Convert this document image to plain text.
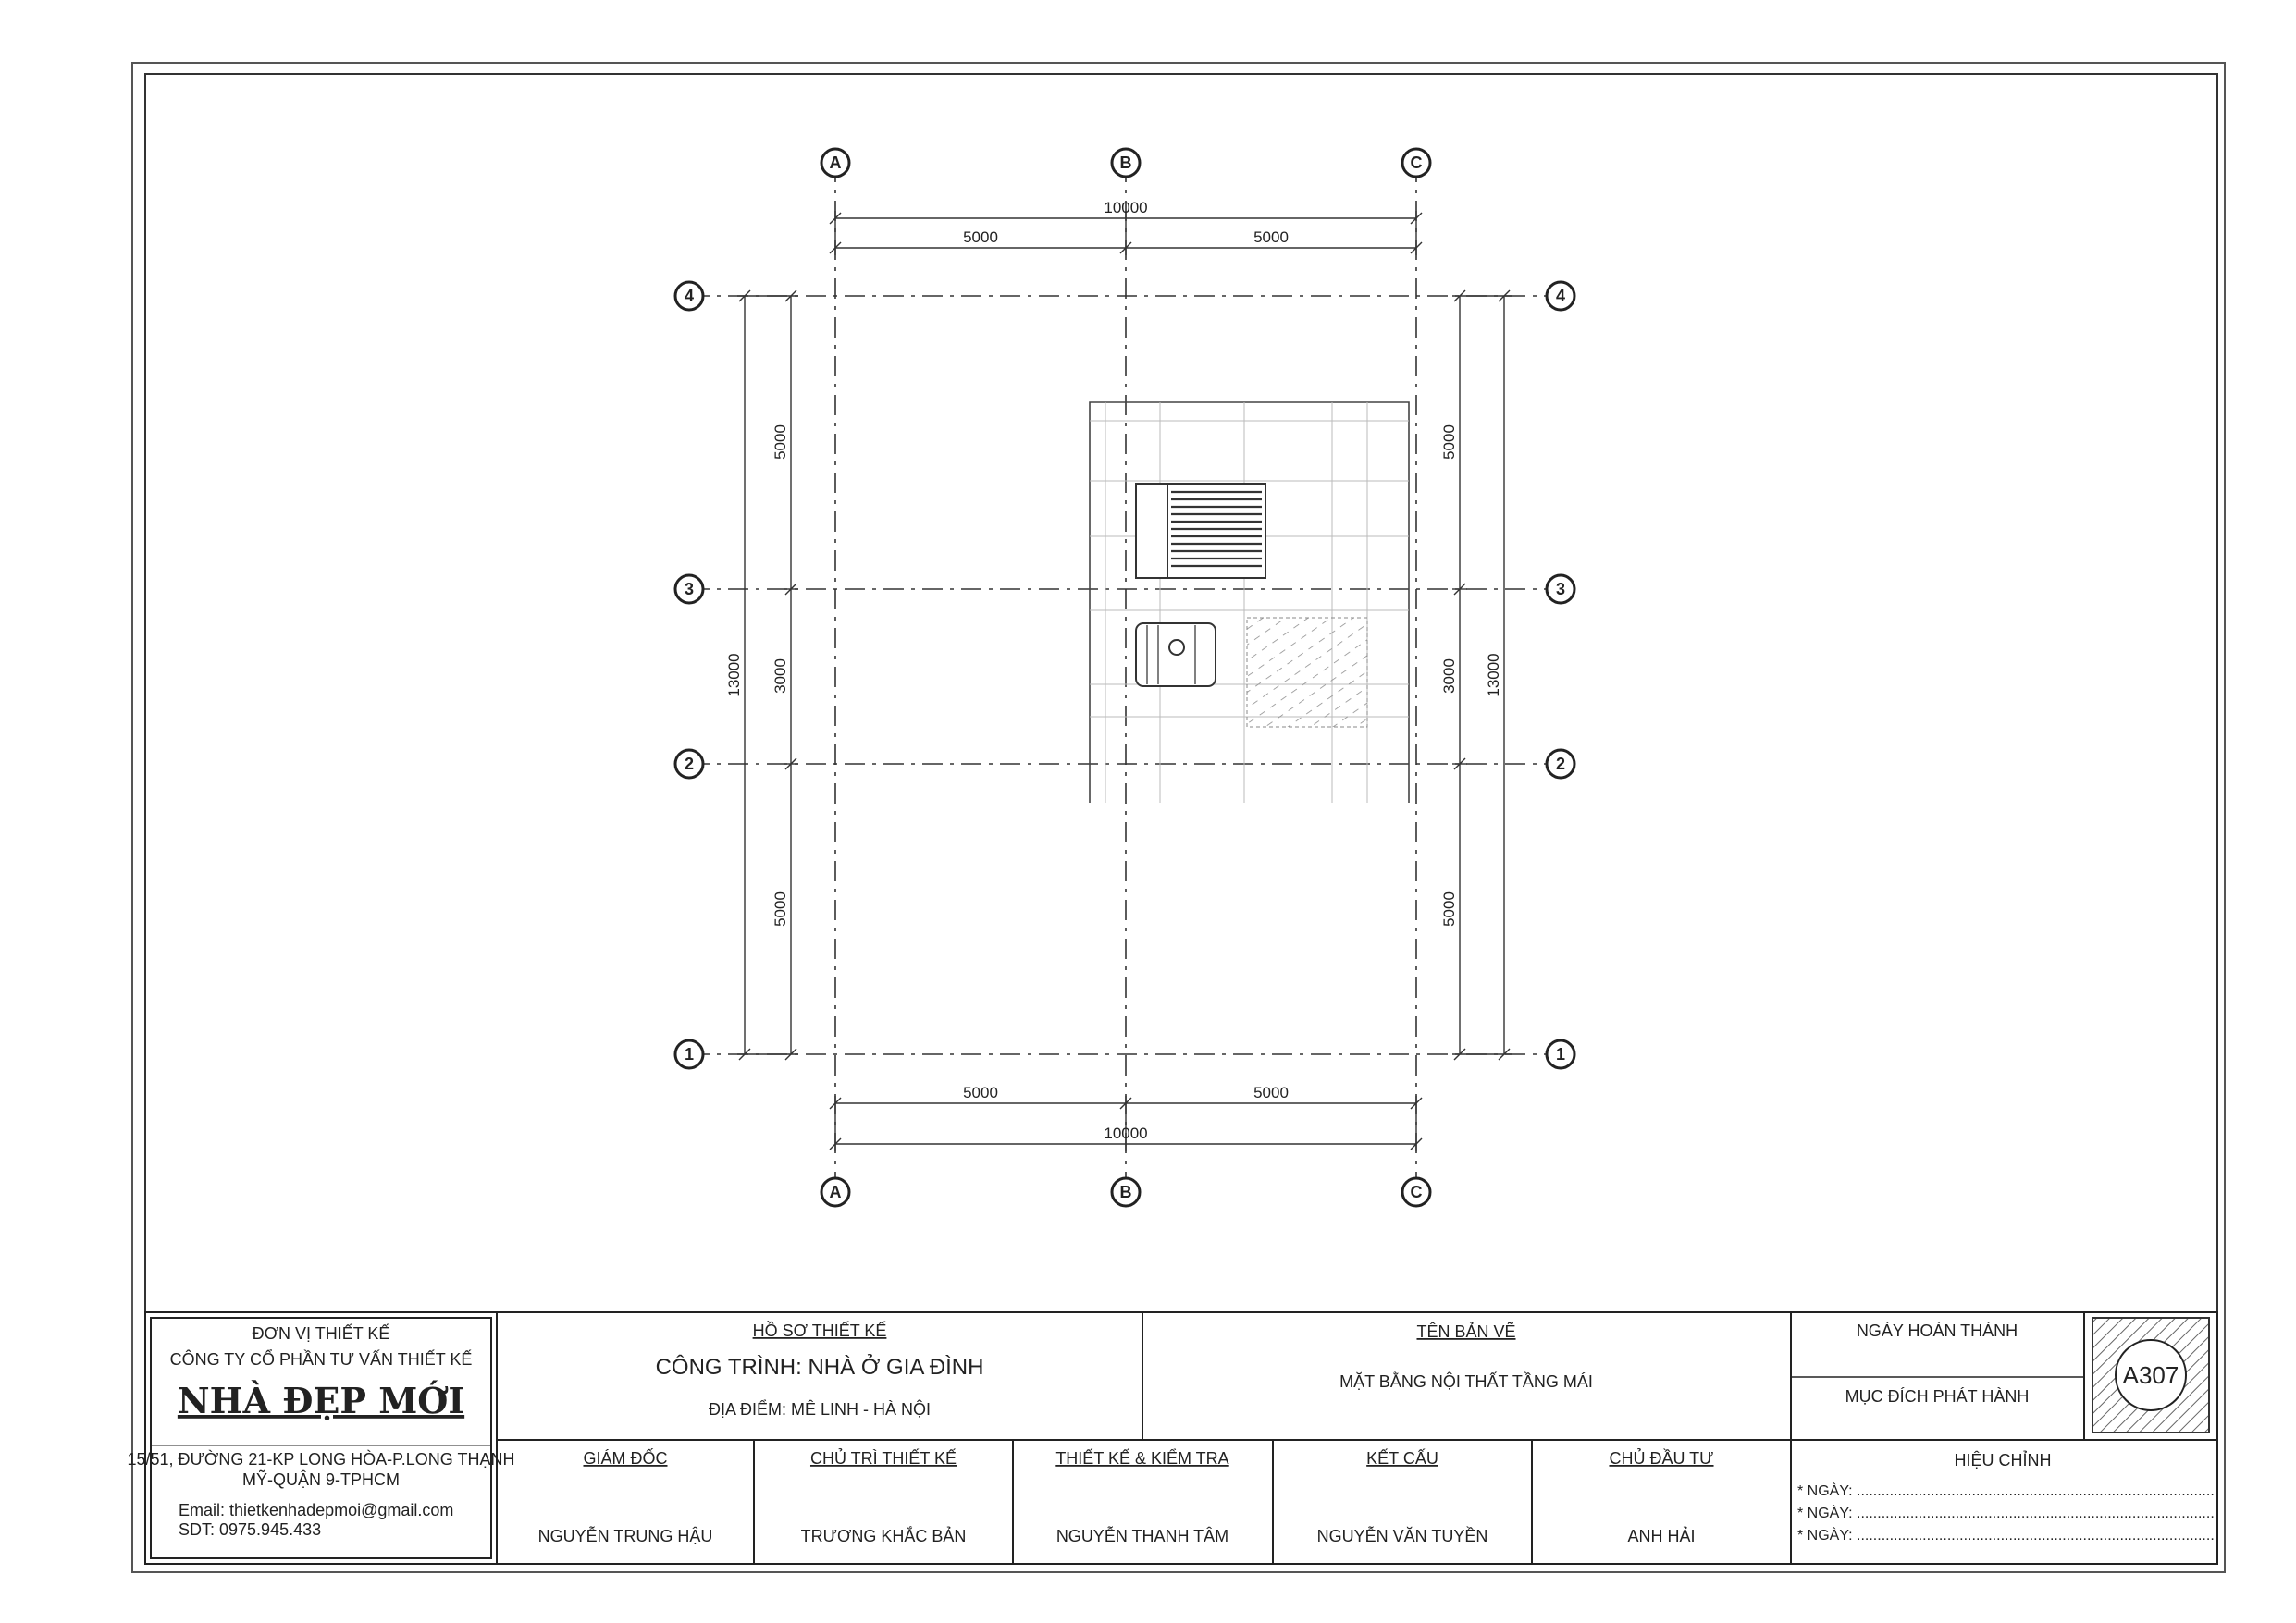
10000
5000	5000
5000	5000
10000
13000
5000
3000
5000
5000
3000
5000
13000
A	B	C
A	B	C
4
3
2
1
4
3
2
1
A307
ĐƠN VỊ THIẾT KẾ
CÔNG TY CỔ PHẦN TƯ VẤN THIẾT KẾ
NHÀ ĐẸP MỚI
15/51, ĐƯỜNG 21-KP LONG HÒA-P.LONG THẠNH
MỸ-QUẬN 9-TPHCM
Email: thietkenhadepmoi@gmail.com
SDT: 0975.945.433
HỒ SƠ THIẾT KẾ
CÔNG TRÌNH: NHÀ Ở GIA ĐÌNH
ĐỊA ĐIỂM: MÊ LINH - HÀ NỘI
TÊN BẢN VẼ
MẶT BẰNG NỘI THẤT TẦNG MÁI
NGÀY HOÀN THÀNH
MỤC ĐÍCH PHÁT HÀNH
HIỆU CHỈNH
* NGÀY: .......................................................................................
* NGÀY: .......................................................................................
* NGÀY: .......................................................................................
GIÁM ĐỐC
NGUYỄN TRUNG HẬU
CHỦ TRÌ THIẾT KẾ
TRƯƠNG KHẮC BẢN
THIẾT KẾ & KIỂM TRA
NGUYỄN THANH TÂM
KẾT CẤU
NGUYỄN VĂN TUYỀN
CHỦ ĐẦU TƯ
ANH HẢI
